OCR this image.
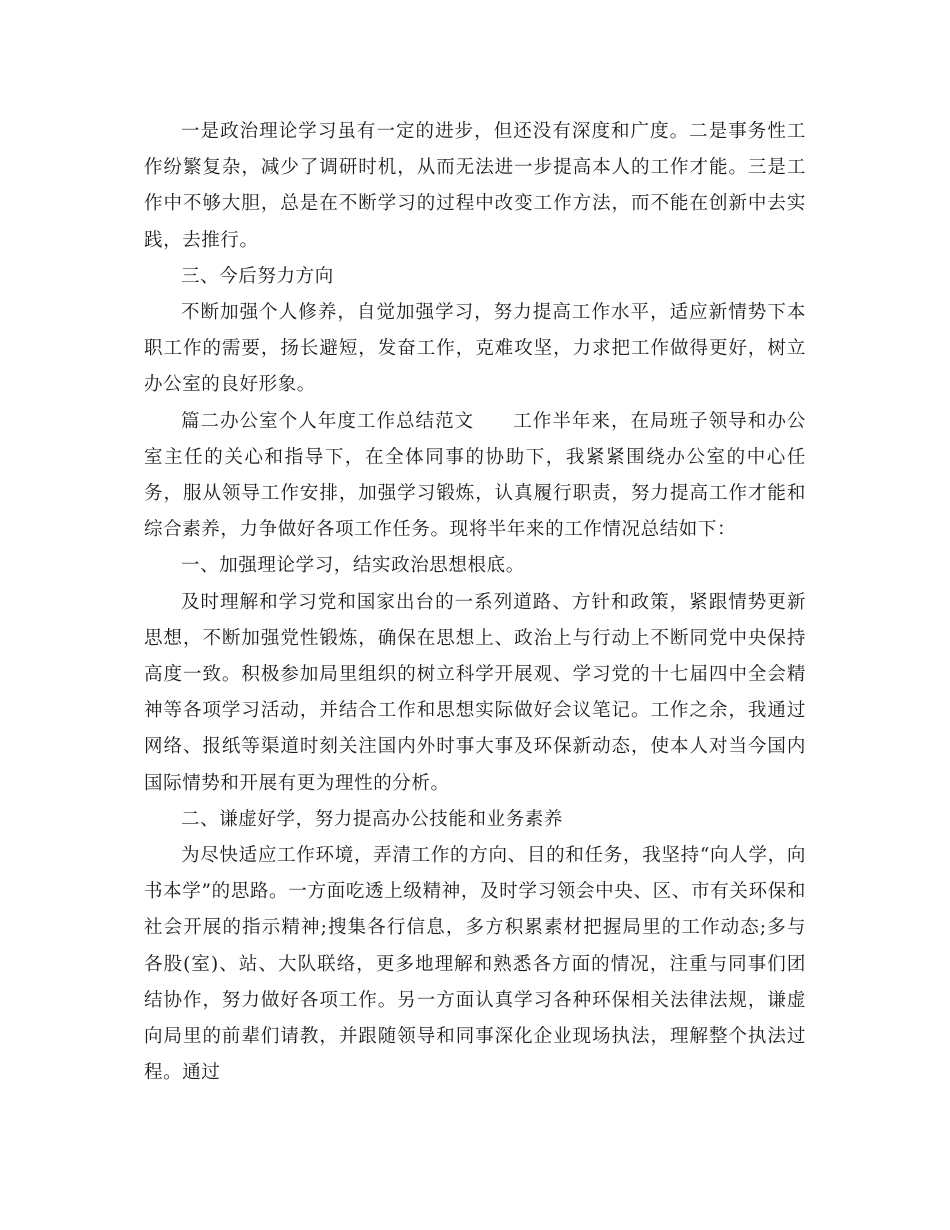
一是政治理论学习虽有一定的进步，但还没有深度和广度。二是事务性工作纷繁复杂，减少了调研时机，从而无法进一步提高本人的工作才能。三是工作中不够大胆，总是在不断学习的过程中改变工作方法，而不能在创新中去实践，去推行。

三、今后努力方向

不断加强个人修养，自觉加强学习，努力提高工作水平，适应新情势下本职工作的需要，扬长避短，发奋工作，克难攻坚，力求把工作做得更好，树立办公室的良好形象。

篇二办公室个人年度工作总结范文　　工作半年来，在局班子领导和办公室主任的关心和指导下，在全体同事的协助下，我紧紧围绕办公室的中心任务，服从领导工作安排，加强学习锻炼，认真履行职责，努力提高工作才能和综合素养，力争做好各项工作任务。现将半年来的工作情况总结如下：

一、加强理论学习，结实政治思想根底。

及时理解和学习党和国家出台的一系列道路、方针和政策，紧跟情势更新思想，不断加强党性锻炼，确保在思想上、政治上与行动上不断同党中央保持高度一致。积极参加局里组织的树立科学开展观、学习党的十七届四中全会精神等各项学习活动，并结合工作和思想实际做好会议笔记。工作之余，我通过网络、报纸等渠道时刻关注国内外时事大事及环保新动态，使本人对当今国内国际情势和开展有更为理性的分析。

二、谦虚好学，努力提高办公技能和业务素养

为尽快适应工作环境，弄清工作的方向、目的和任务，我坚持“向人学，向书本学”的思路。一方面吃透上级精神，及时学习领会中央、区、市有关环保和社会开展的指示精神;搜集各行信息，多方积累素材把握局里的工作动态;多与各股(室)、站、大队联络，更多地理解和熟悉各方面的情况，注重与同事们团结协作，努力做好各项工作。另一方面认真学习各种环保相关法律法规，谦虚向局里的前辈们请教，并跟随领导和同事深化企业现场执法，理解整个执法过程。通过
